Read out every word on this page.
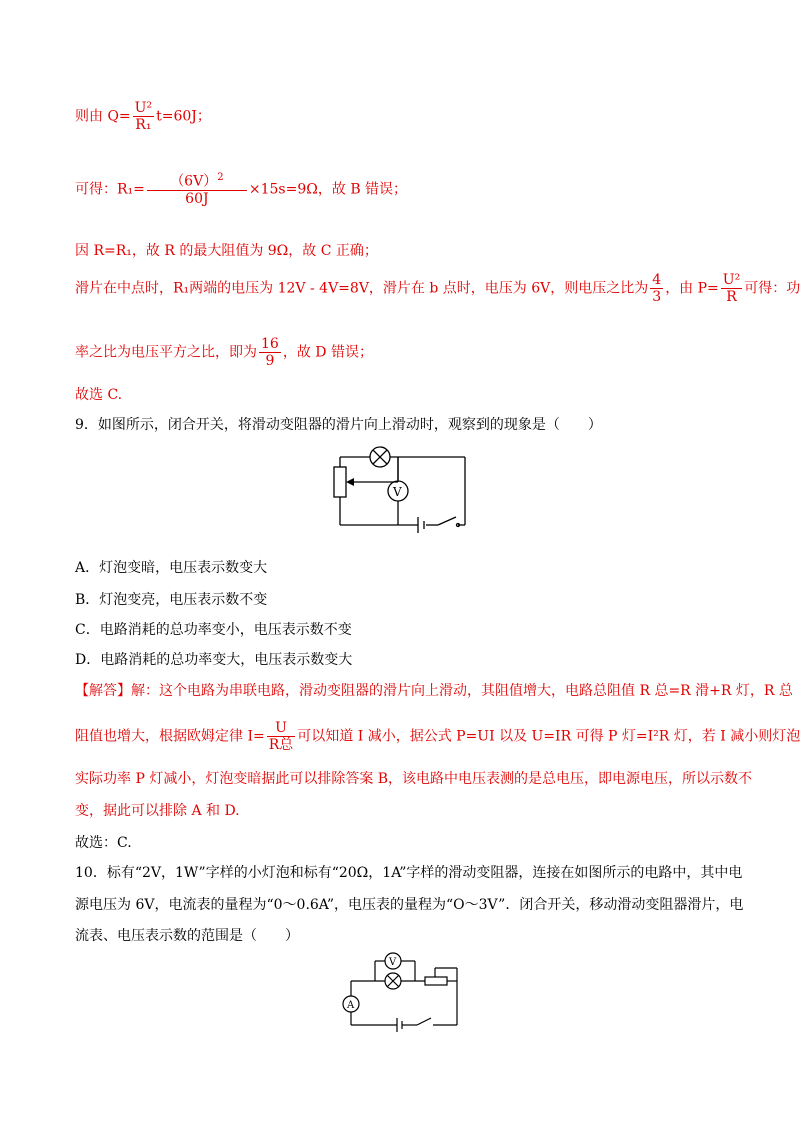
则由 $Q= \frac{\text{U²}}{\text{R₁}} t=60J$；
可得：$R_1= \frac{(6V)^2}{60J} \times 15s=9\Omega$，故 B 错误；
因 R=R₁，故 R 的最大阻值为 9Ω，故 C 正确；
滑片在中点时，R₁两端的电压为 12V - 4V=8V，滑片在 b 点时，电压为 6V，则电压之比为 $\frac{4}{3}$ ，由 $P= \frac{\text{U²}}{R}$ 可得：功
率之比为电压平方之比，即为 $\frac{16}{9}$ ，故 D 错误；
故选 C.
9．如图所示，闭合开关，将滑动变阻器的滑片向上滑动时，观察到的现象是（　　）
V
A．灯泡变暗，电压表示数变大
B．灯泡变亮，电压表示数不变
C．电路消耗的总功率变小，电压表示数不变
D．电路消耗的总功率变大，电压表示数变大
【解答】解：这个电路为串联电路，滑动变阻器的滑片向上滑动，其阻值增大，电路总阻值 R 总=R 滑+R 灯，R 总
阻值也增大，根据欧姆定律 $I= \frac{U}{\text{R总}}$ 可以知道 I 减小，据公式 P=UI 以及 U=IR 可得 P 灯=I²R 灯，若 I 减小则灯泡
实际功率 P 灯减小，灯泡变暗据此可以排除答案 B，该电路中电压表测的是总电压，即电源电压，所以示数不
变，据此可以排除 A 和 D.
故选：C.
10．标有“2V，1W”字样的小灯泡和标有“20Ω，1A”字样的滑动变阻器，连接在如图所示的电路中，其中电
源电压为 6V，电流表的量程为“0～0.6A”，电压表的量程为“O～3V”．闭合开关，移动滑动变阻器滑片，电
流表、电压表示数的范围是（　　）
V
A
